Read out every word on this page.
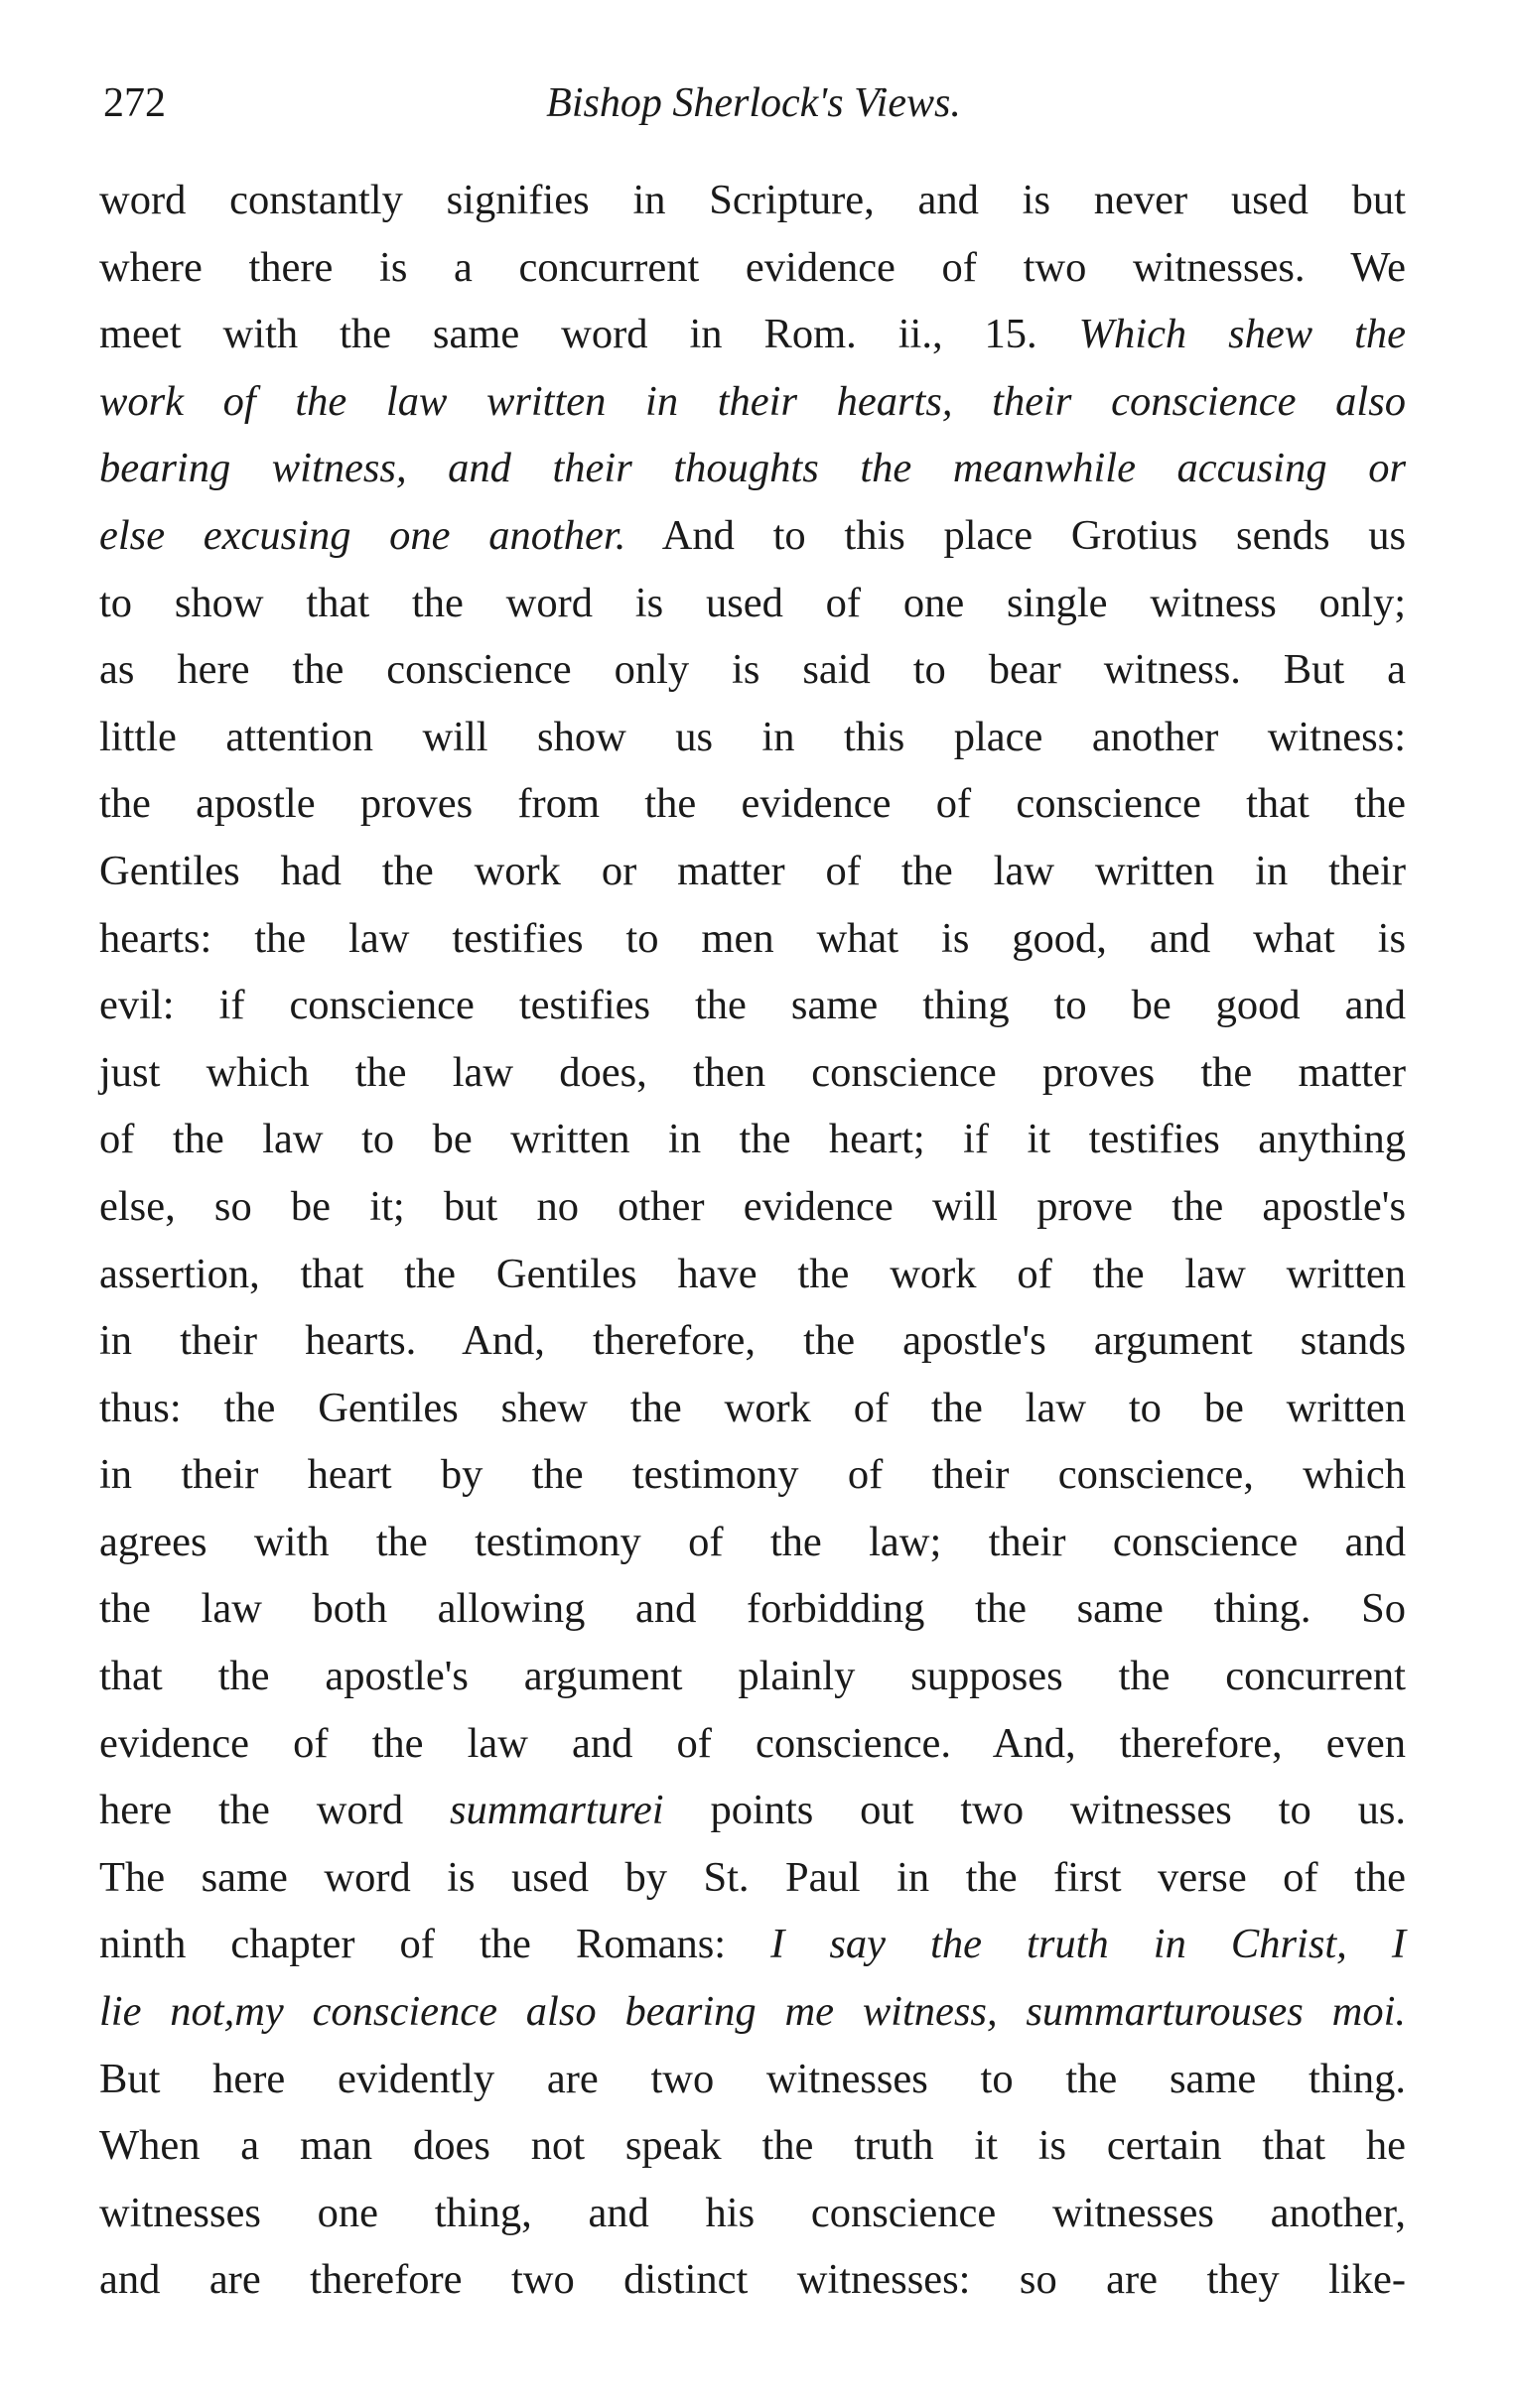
272	Bishop Sherlock's Views.
word constantly signifies in Scripture, and is never used but
where there is a concurrent evidence of two witnesses. We
meet with the same word in Rom. ii., 15. Which shew the
work of the law written in their hearts, their conscience also
bearing witness, and their thoughts the meanwhile accusing or
else excusing one another. And to this place Grotius sends us
to show that the word is used of one single witness only;
as here the conscience only is said to bear witness. But a
little attention will show us in this place another witness:
the apostle proves from the evidence of conscience that the
Gentiles had the work or matter of the law written in their
hearts: the law testifies to men what is good, and what is
evil: if conscience testifies the same thing to be good and
just which the law does, then conscience proves the matter
of the law to be written in the heart; if it testifies anything
else, so be it; but no other evidence will prove the apostle's
assertion, that the Gentiles have the work of the law written
in their hearts. And, therefore, the apostle's argument stands
thus: the Gentiles shew the work of the law to be written
in their heart by the testimony of their conscience, which
agrees with the testimony of the law; their conscience and
the law both allowing and forbidding the same thing. So
that the apostle's argument plainly supposes the concurrent
evidence of the law and of conscience. And, therefore, even
here the word summarturei points out two witnesses to us.
The same word is used by St. Paul in the first verse of the
ninth chapter of the Romans: I say the truth in Christ, I
lie not,my conscience also bearing me witness, summarturouses moi.
But here evidently are two witnesses to the same thing.
When a man does not speak the truth it is certain that he
witnesses one thing, and his conscience witnesses another,
and are therefore two distinct witnesses: so are they like-
